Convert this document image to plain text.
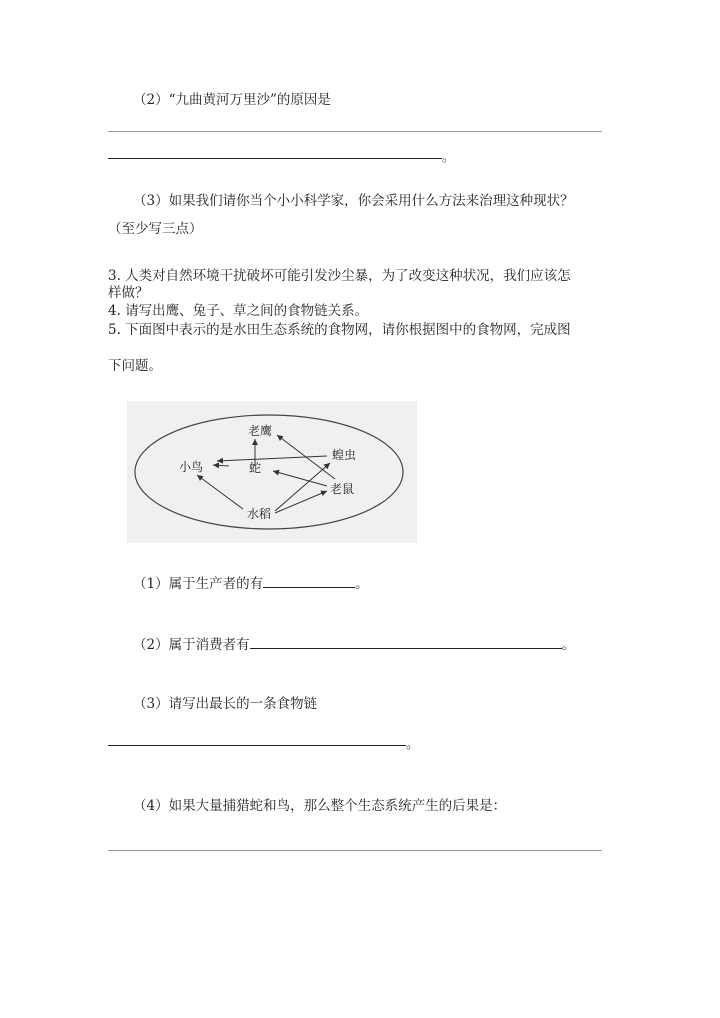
（2）“九曲黄河万里沙”的原因是
。
（3）如果我们请你当个小小科学家，你会采用什么方法来治理这种现状？
（至少写三点）
3. 人类对自然环境干扰破坏可能引发沙尘暴，为了改变这种状况，我们应该怎
样做？
4. 请写出鹰、兔子、草之间的食物链关系。
5. 下面图中表示的是水田生态系统的食物网，请你根据图中的食物网，完成图
下问题。
老鹰
小鸟	蛇
蝗虫
老鼠
水稻
（1）属于生产者的有	。
（2）属于消费者有	。
（3）请写出最长的一条食物链
。
（4）如果大量捕猎蛇和鸟，那么整个生态系统产生的后果是：
